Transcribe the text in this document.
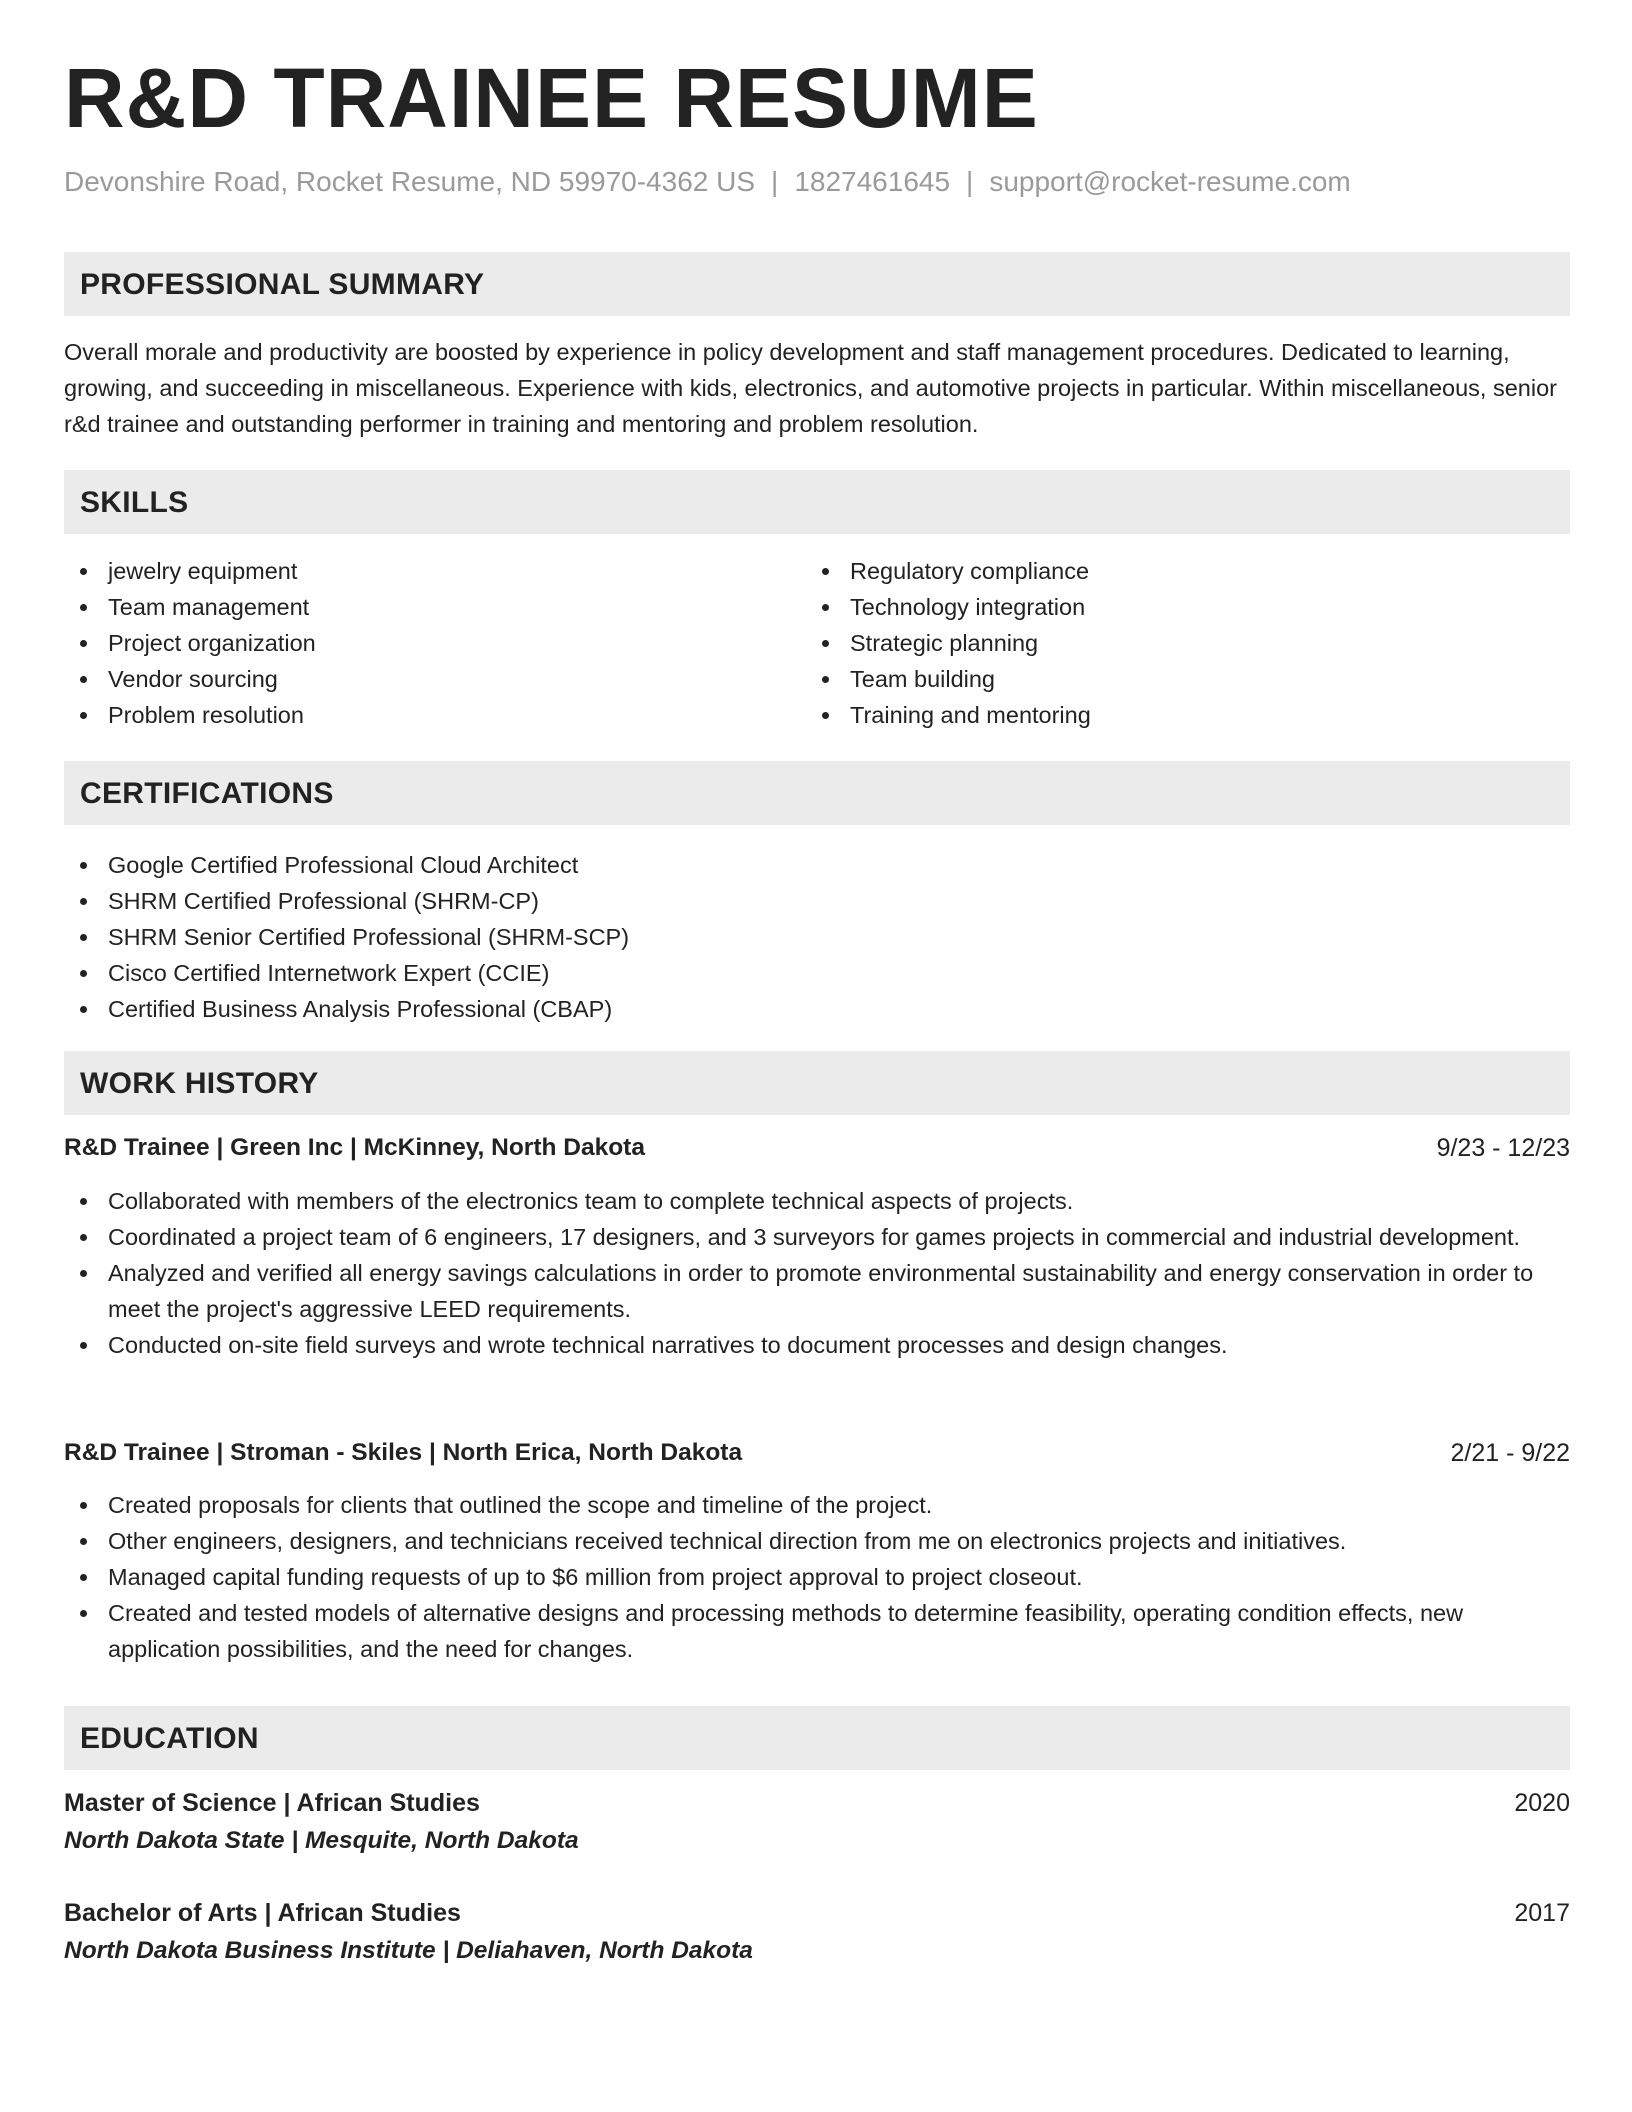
R&D TRAINEE RESUME
Devonshire Road, Rocket Resume, ND 59970-4362 US | 1827461645 | support@rocket-resume.com
PROFESSIONAL SUMMARY

Overall morale and productivity are boosted by experience in policy development and staff management procedures. Dedicated to learning, growing, and succeeding in miscellaneous. Experience with kids, electronics, and automotive projects in particular. Within miscellaneous, senior r&d trainee and outstanding performer in training and mentoring and problem resolution.

SKILLS
jewelry equipment
Team management
Project organization
Vendor sourcing
Problem resolution
Regulatory compliance
Technology integration
Strategic planning
Team building
Training and mentoring
CERTIFICATIONS
Google Certified Professional Cloud Architect
SHRM Certified Professional (SHRM-CP)
SHRM Senior Certified Professional (SHRM-SCP)
Cisco Certified Internetwork Expert (CCIE)
Certified Business Analysis Professional (CBAP)
WORK HISTORY
R&D Trainee | Green Inc | McKinney, North Dakota	9/23 - 12/23
Collaborated with members of the electronics team to complete technical aspects of projects.
Coordinated a project team of 6 engineers, 17 designers, and 3 surveyors for games projects in commercial and industrial development.
Analyzed and verified all energy savings calculations in order to promote environmental sustainability and energy conservation in order to meet the project's aggressive LEED requirements.
Conducted on-site field surveys and wrote technical narratives to document processes and design changes.
R&D Trainee | Stroman - Skiles | North Erica, North Dakota	2/21 - 9/22
Created proposals for clients that outlined the scope and timeline of the project.
Other engineers, designers, and technicians received technical direction from me on electronics projects and initiatives.
Managed capital funding requests of up to $6 million from project approval to project closeout.
Created and tested models of alternative designs and processing methods to determine feasibility, operating condition effects, new application possibilities, and the need for changes.
EDUCATION
Master of Science | African Studies	2020
North Dakota State | Mesquite, North Dakota
Bachelor of Arts | African Studies	2017
North Dakota Business Institute | Deliahaven, North Dakota
